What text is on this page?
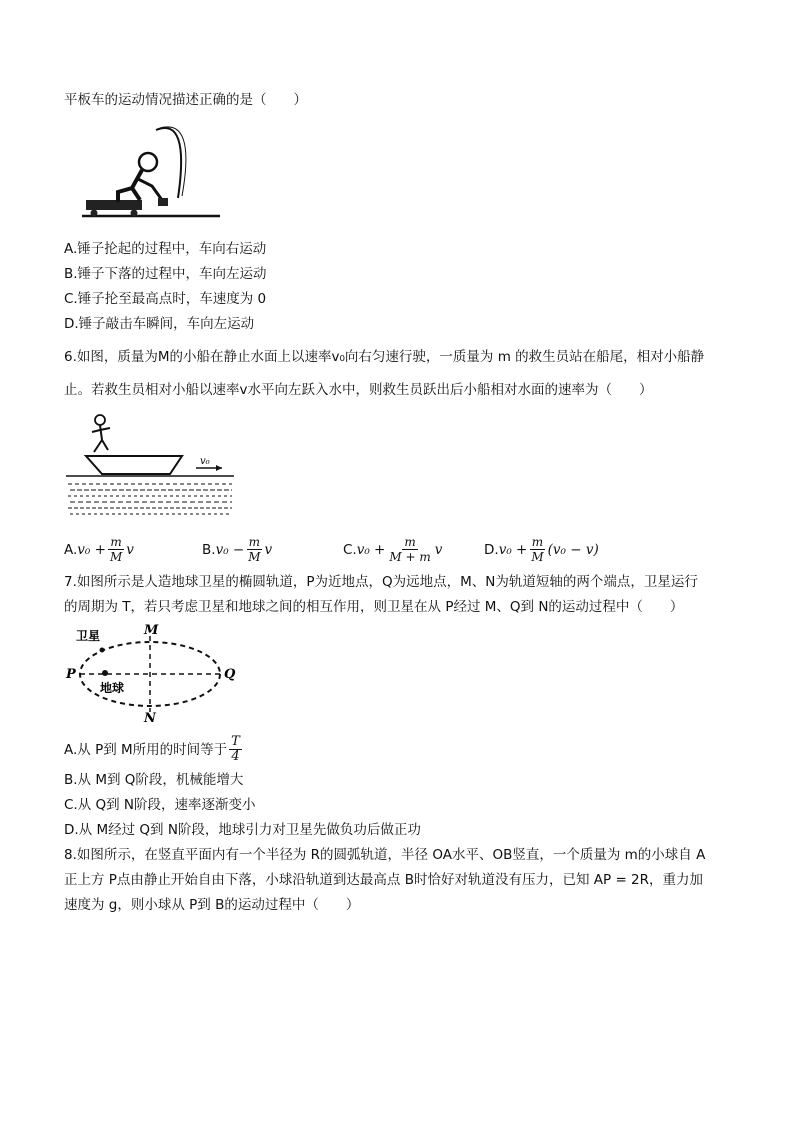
平板车的运动情况描述正确的是（　　）
A.锤子抡起的过程中，车向右运动
B.锤子下落的过程中，车向左运动
C.锤子抡至最高点时，车速度为 0
D.锤子敲击车瞬间，车向左运动
6.如图，质量为M的小船在静止水面上以速率v₀向右匀速行驶，一质量为 m 的救生员站在船尾，相对小船静
止。若救生员相对小船以速率v水平向左跃入水中，则救生员跃出后小船相对水面的速率为（　　）
v₀
A. $v_0 + \frac{m}{M}$ v	B. $v_0 - \frac{m}{M}$ v	C. $v_0 + \frac{m}{M + m}$ v	D. $v_0 + \frac{m}{M} (v_0 - v)$
7.如图所示是人造地球卫星的椭圆轨道，P为近地点，Q为远地点，M、N为轨道短轴的两个端点，卫星运行
的周期为 T，若只考虑卫星和地球之间的相互作用，则卫星在从 P经过 M、Q到 N的运动过程中（　　）
卫星
地球
M
N
P	Q
A.从 P到 M所用的时间等于 $\frac{T}{4}$
B.从 M到 Q阶段，机械能增大
C.从 Q到 N阶段，速率逐渐变小
D.从 M经过 Q到 N阶段，地球引力对卫星先做负功后做正功
8.如图所示，在竖直平面内有一个半径为 R的圆弧轨道，半径 OA水平、OB竖直，一个质量为 m的小球自 A
正上方 P点由静止开始自由下落，小球沿轨道到达最高点 B时恰好对轨道没有压力，已知 AP = 2R，重力加
速度为 g，则小球从 P到 B的运动过程中（　　）
